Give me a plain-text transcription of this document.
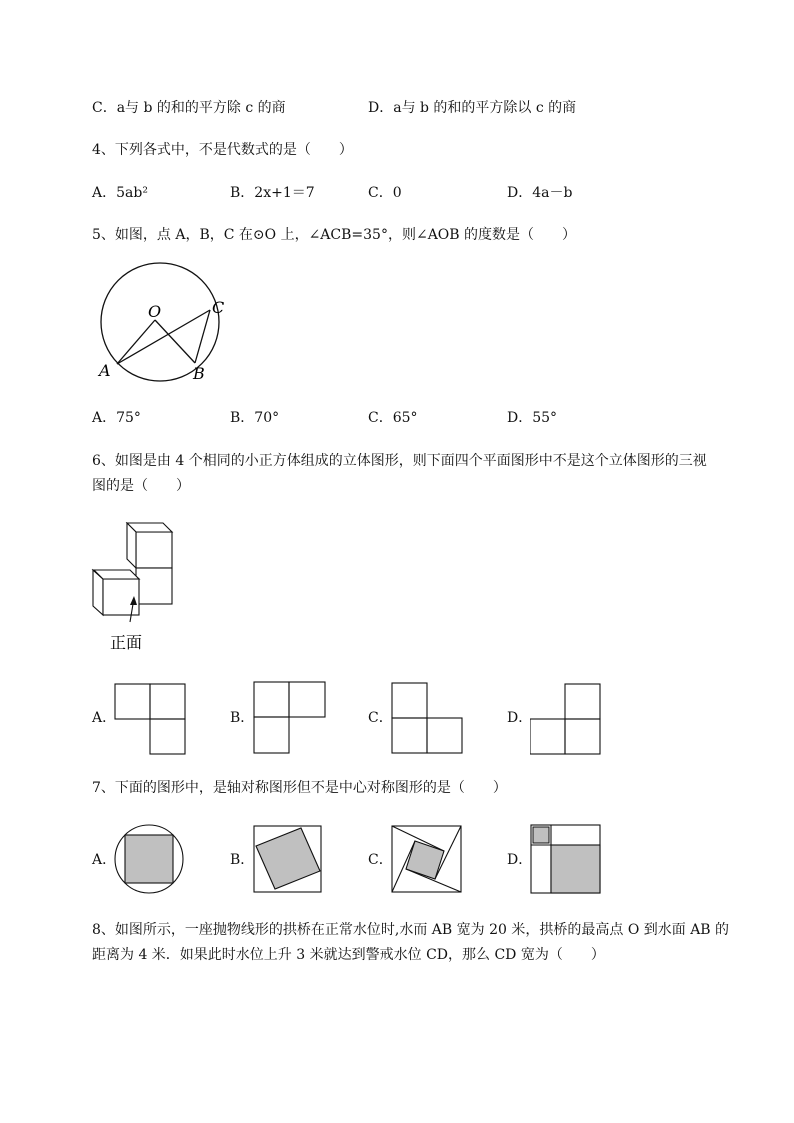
C．a与 b 的和的平方除 c 的商	D．a与 b 的和的平方除以 c 的商
4、下列各式中，不是代数式的是（　　）
A．5ab²	B．2x+1＝7	C．0	D．4a－b
5、如图，点 A，B，C 在⊙O 上，∠ACB=35°，则∠AOB 的度数是（　　）
O
A	B
C
A．75°	B．70°	C．65°	D．55°
6、如图是由 4 个相同的小正方体组成的立体图形，则下面四个平面图形中不是这个立体图形的三视
图的是（　　）
正面
A．	B．	C．	D．
7、下面的图形中，是轴对称图形但不是中心对称图形的是（　　）
A．	B．	C．	D．
8、如图所示，一座抛物线形的拱桥在正常水位时,水而 AB 宽为 20 米，拱桥的最高点 O 到水面 AB 的
距离为 4 米．如果此时水位上升 3 米就达到警戒水位 CD，那么 CD 宽为（　　）
